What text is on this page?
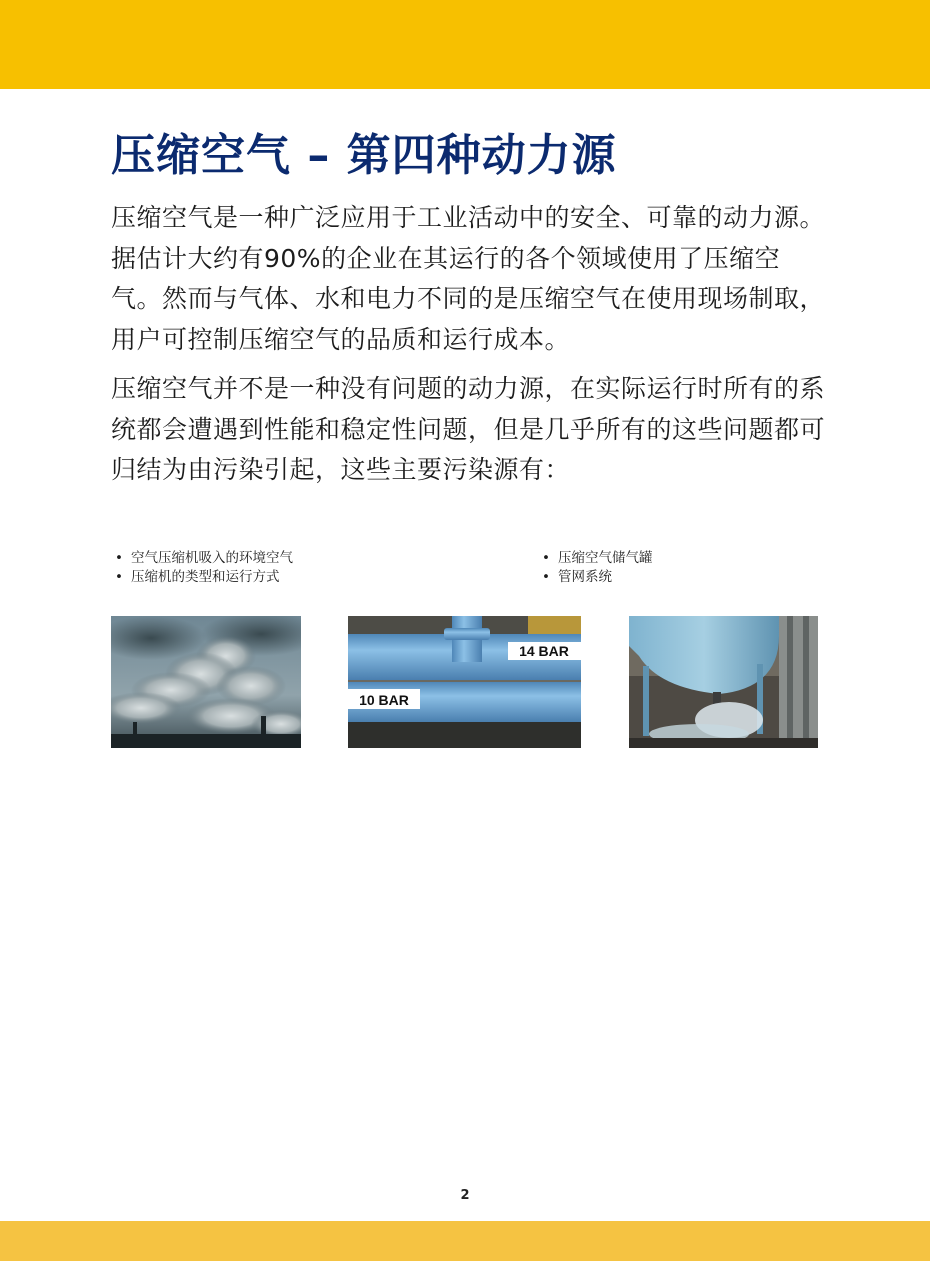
压缩空气 – 第四种动力源

压缩空气是一种广泛应用于工业活动中的安全、可靠的动力源。据估计大约有90%的企业在其运行的各个领域使用了压缩空气。然而与气体、水和电力不同的是压缩空气在使用现场制取，用户可控制压缩空气的品质和运行成本。

压缩空气并不是一种没有问题的动力源，在实际运行时所有的系统都会遭遇到性能和稳定性问题，但是几乎所有的这些问题都可归结为由污染引起，这些主要污染源有：

• 空气压缩机吸入的环境空气
• 压缩机的类型和运行方式
• 压缩空气储气罐
• 管网系统
14 BAR
10 BAR
2
